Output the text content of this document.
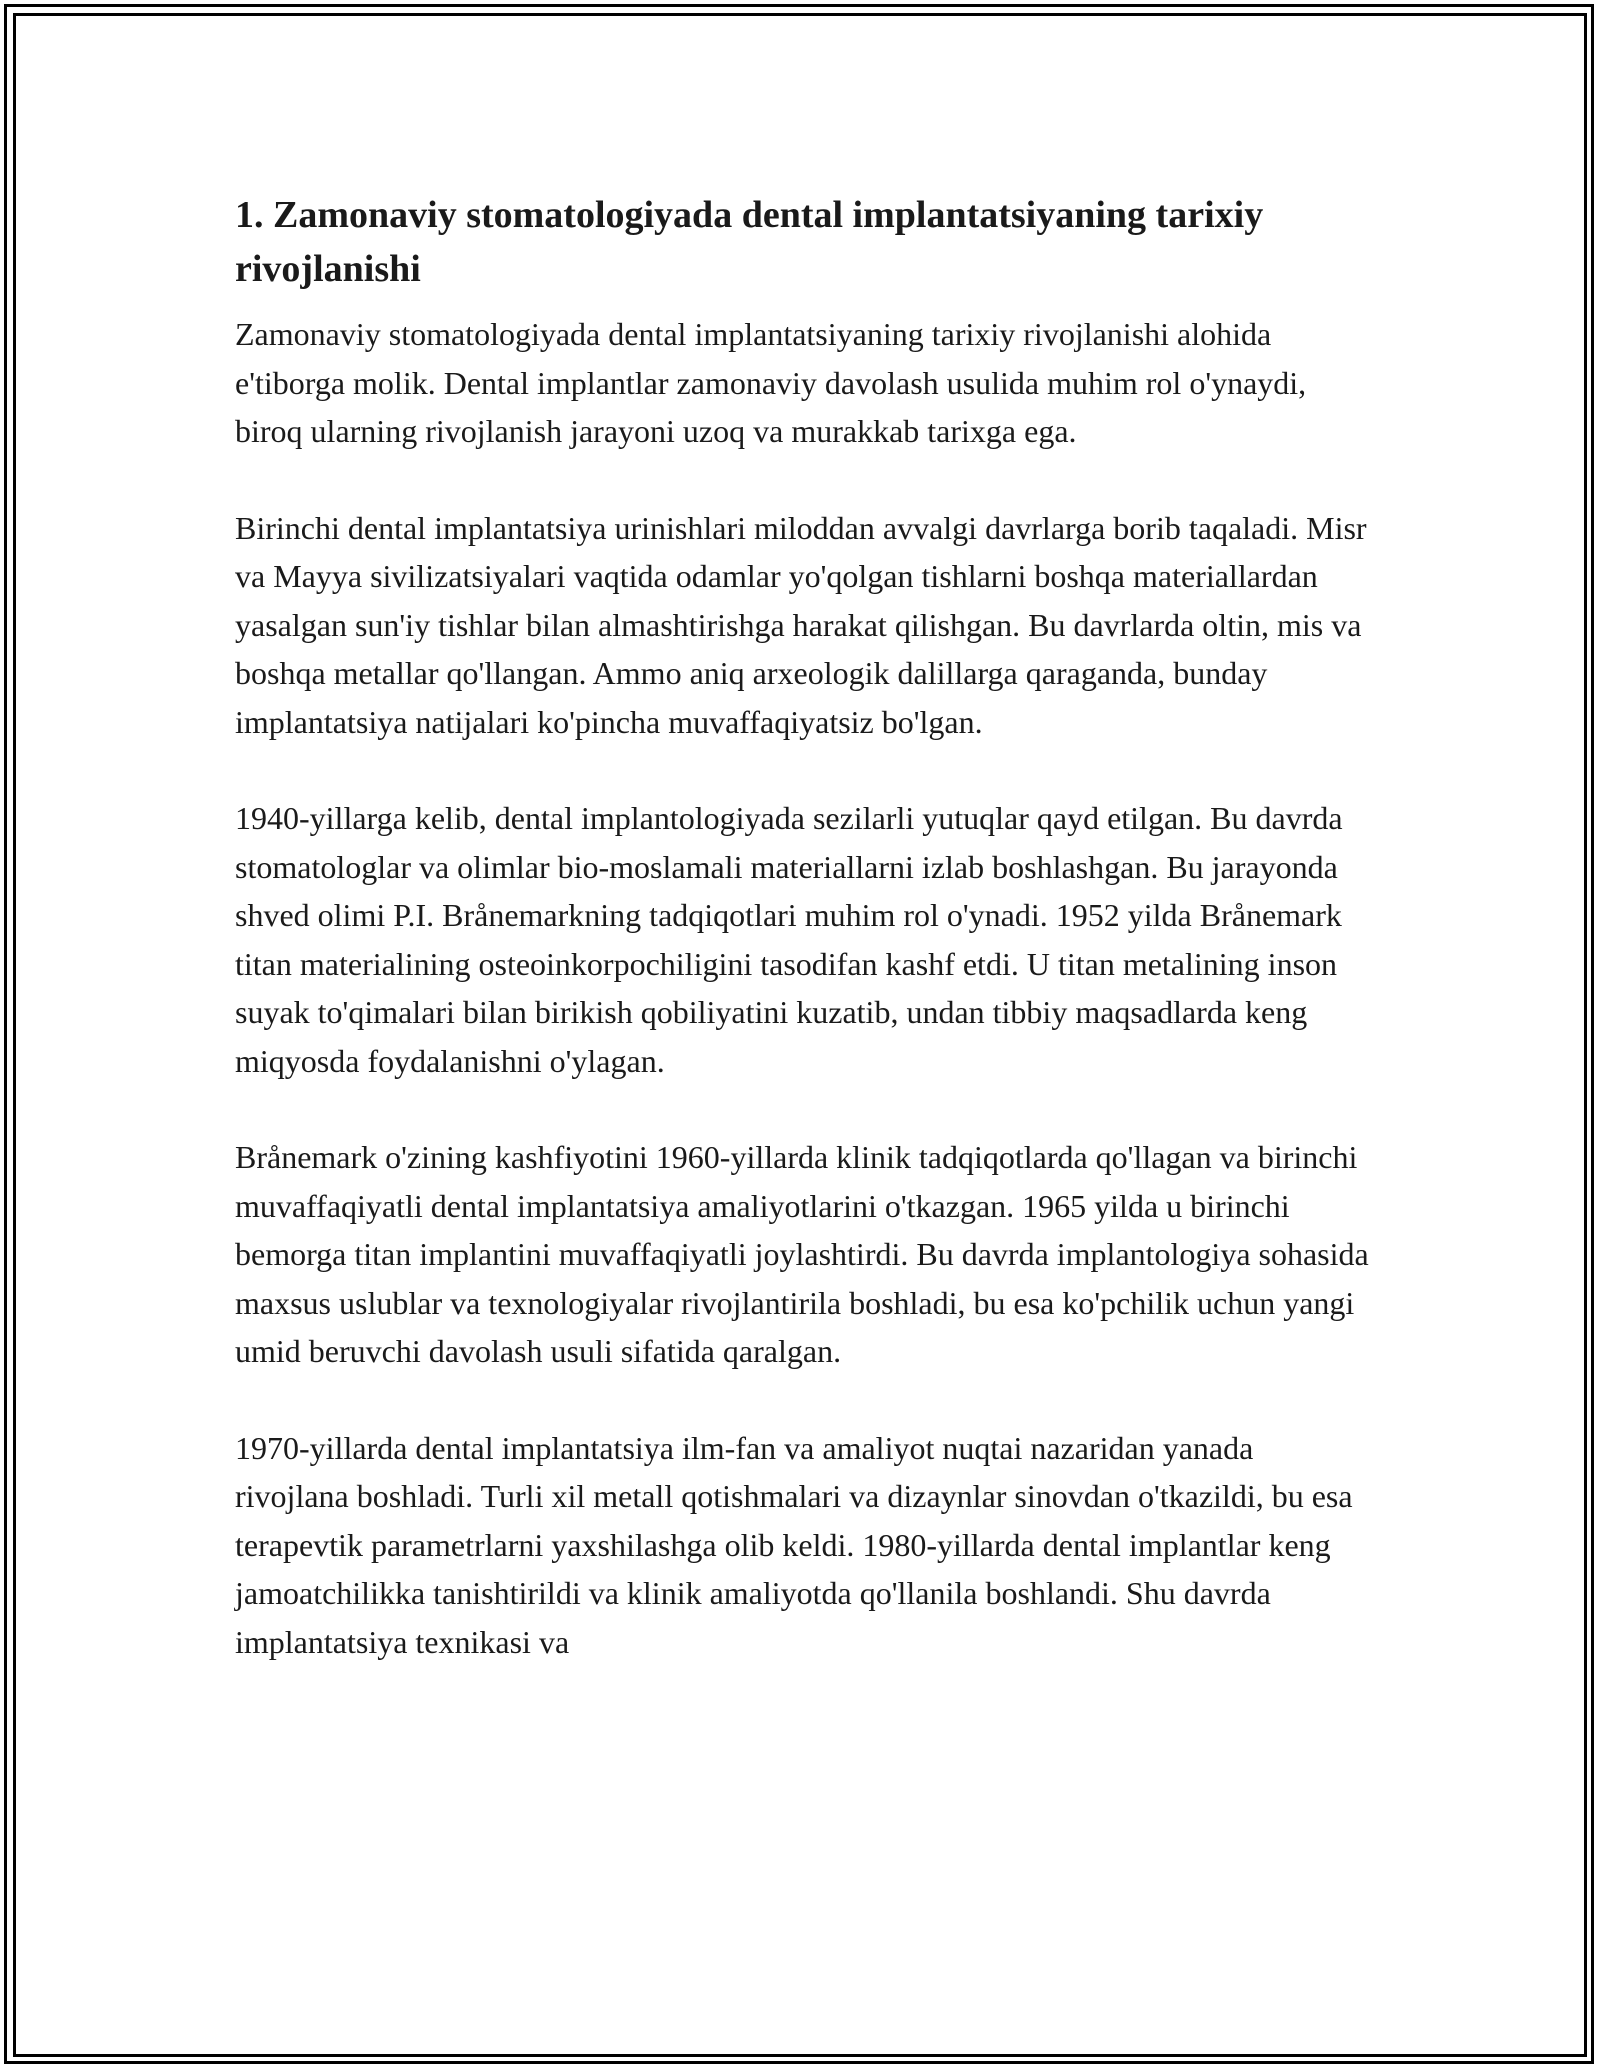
1. Zamonaviy stomatologiyada dental implantatsiyaning tarixiy rivojlanishi

Zamonaviy stomatologiyada dental implantatsiyaning tarixiy rivojlanishi alohida e'tiborga molik. Dental implantlar zamonaviy davolash usulida muhim rol o'ynaydi, biroq ularning rivojlanish jarayoni uzoq va murakkab tarixga ega.

Birinchi dental implantatsiya urinishlari miloddan avvalgi davrlarga borib taqaladi. Misr va Mayya sivilizatsiyalari vaqtida odamlar yo'qolgan tishlarni boshqa materiallardan yasalgan sun'iy tishlar bilan almashtirishga harakat qilishgan. Bu davrlarda oltin, mis va boshqa metallar qo'llangan. Ammo aniq arxeologik dalillarga qaraganda, bunday implantatsiya natijalari ko'pincha muvaffaqiyatsiz bo'lgan.

1940-yillarga kelib, dental implantologiyada sezilarli yutuqlar qayd etilgan. Bu davrda stomatologlar va olimlar bio-moslamali materiallarni izlab boshlashgan. Bu jarayonda shved olimi P.I. Brånemarkning tadqiqotlari muhim rol o'ynadi. 1952 yilda Brånemark titan materialining osteoinkorpochiligini tasodifan kashf etdi. U titan metalining inson suyak to'qimalari bilan birikish qobiliyatini kuzatib, undan tibbiy maqsadlarda keng miqyosda foydalanishni o'ylagan.

Brånemark o'zining kashfiyotini 1960-yillarda klinik tadqiqotlarda qo'llagan va birinchi muvaffaqiyatli dental implantatsiya amaliyotlarini o'tkazgan. 1965 yilda u birinchi bemorga titan implantini muvaffaqiyatli joylashtirdi. Bu davrda implantologiya sohasida maxsus uslublar va texnologiyalar rivojlantirila boshladi, bu esa ko'pchilik uchun yangi umid beruvchi davolash usuli sifatida qaralgan.

1970-yillarda dental implantatsiya ilm-fan va amaliyot nuqtai nazaridan yanada rivojlana boshladi. Turli xil metall qotishmalari va dizaynlar sinovdan o'tkazildi, bu esa terapevtik parametrlarni yaxshilashga olib keldi. 1980-yillarda dental implantlar keng jamoatchilikka tanishtirildi va klinik amaliyotda qo'llanila boshlandi. Shu davrda implantatsiya texnikasi va
